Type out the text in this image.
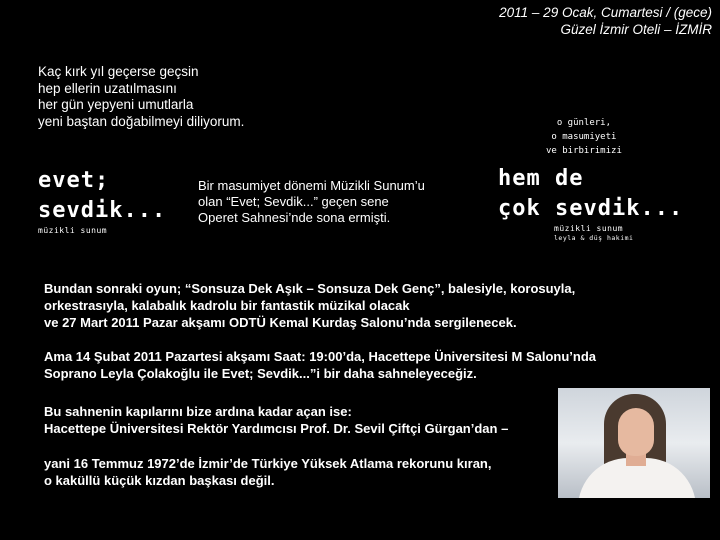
2011 – 29 Ocak, Cumartesi / (gece)
Güzel İzmir Oteli – İZMİR
Kaç kırk yıl geçerse geçsin
hep ellerin uzatılmasını
her gün yepyeni umutlarla
yeni baştan doğabilmeyi diliyorum.
evet;
sevdik...
müzikli sunum
o günleri,
o masumiyeti
ve birbirimizi
hem de
çok sevdik...
müzikli sunum
leyla & düş hakimi
Bir masumiyet dönemi Müzikli Sunum’u
olan “Evet; Sevdik...” geçen sene
Operet Sahnesi’nde sona ermişti.
Bundan sonraki oyun; “Sonsuza Dek Aşık – Sonsuza Dek Genç”, balesiyle, korosuyla,
orkestrasıyla, kalabalık kadrolu bir fantastik müzikal olacak
ve 27 Mart 2011 Pazar akşamı ODTÜ Kemal Kurdaş Salonu’nda sergilenecek.
Ama 14 Şubat 2011 Pazartesi akşamı Saat: 19:00’da, Hacettepe Üniversitesi M Salonu’nda
Soprano Leyla Çolakoğlu ile Evet; Sevdik...”i bir daha sahneleyeceğiz.
Bu sahnenin kapılarını bize ardına kadar açan ise:
Hacettepe Üniversitesi Rektör Yardımcısı Prof. Dr. Sevil Çiftçi Gürgan’dan –
yani 16 Temmuz 1972’de İzmir’de Türkiye Yüksek Atlama rekorunu kıran,
o kaküllü küçük kızdan başkası değil.
